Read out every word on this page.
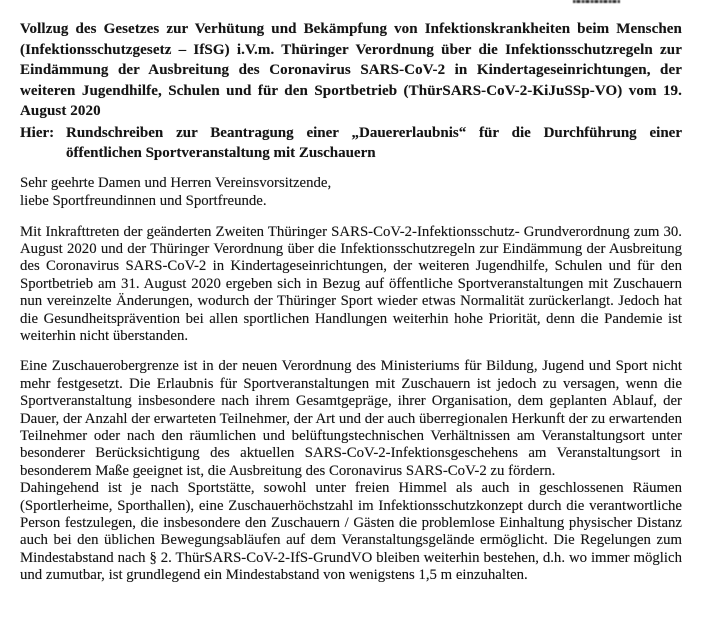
Vollzug des Gesetzes zur Verhütung und Bekämpfung von Infektionskrankheiten beim Menschen (Infektionsschutzgesetz – IfSG) i.V.m. Thüringer Verordnung über die Infektionsschutzregeln zur Eindämmung der Ausbreitung des Coronavirus SARS-CoV-2 in Kindertageseinrichtungen, der weiteren Jugendhilfe, Schulen und für den Sportbetrieb (ThürSARS-CoV-2-KiJuSSp-VO) vom 19. August 2020
Hier: Rundschreiben zur Beantragung einer „Dauererlaubnis“ für die Durchführung einer öffentlichen Sportveranstaltung mit Zuschauern
Sehr geehrte Damen und Herren Vereinsvorsitzende,
liebe Sportfreundinnen und Sportfreunde.

Mit Inkrafttreten der geänderten Zweiten Thüringer SARS-CoV-2-Infektionsschutz- Grundverordnung zum 30. August 2020 und der Thüringer Verordnung über die Infektionsschutzregeln zur Eindämmung der Ausbreitung des Coronavirus SARS-CoV-2 in Kindertageseinrichtungen, der weiteren Jugendhilfe, Schulen und für den Sportbetrieb am 31. August 2020 ergeben sich in Bezug auf öffentliche Sportveranstaltungen mit Zuschauern nun vereinzelte Änderungen, wodurch der Thüringer Sport wieder etwas Normalität zurückerlangt. Jedoch hat die Gesundheitsprävention bei allen sportlichen Handlungen weiterhin hohe Priorität, denn die Pandemie ist weiterhin nicht überstanden.

Eine Zuschauerobergrenze ist in der neuen Verordnung des Ministeriums für Bildung, Jugend und Sport nicht mehr festgesetzt. Die Erlaubnis für Sportveranstaltungen mit Zuschauern ist jedoch zu versagen, wenn die Sportveranstaltung insbesondere nach ihrem Gesamtgepräge, ihrer Organisation, dem geplanten Ablauf, der Dauer, der Anzahl der erwarteten Teilnehmer, der Art und der auch überregionalen Herkunft der zu erwartenden Teilnehmer oder nach den räumlichen und belüftungstechnischen Verhältnissen am Veranstaltungsort unter besonderer Berücksichtigung des aktuellen SARS-CoV-2-Infektionsgeschehens am Veranstaltungsort in besonderem Maße geeignet ist, die Ausbreitung des Coronavirus SARS-CoV-2 zu fördern.

Dahingehend ist je nach Sportstätte, sowohl unter freien Himmel als auch in geschlossenen Räumen (Sportlerheime, Sporthallen), eine Zuschauerhöchstzahl im Infektionsschutzkonzept durch die verantwortliche Person festzulegen, die insbesondere den Zuschauern / Gästen die problemlose Einhaltung physischer Distanz auch bei den üblichen Bewegungsabläufen auf dem Veranstaltungsgelände ermöglicht. Die Regelungen zum Mindestabstand nach § 2. ThürSARS-CoV-2-IfS-GrundVO bleiben weiterhin bestehen, d.h. wo immer möglich und zumutbar, ist grundlegend ein Mindestabstand von wenigstens 1,5 m einzuhalten.
